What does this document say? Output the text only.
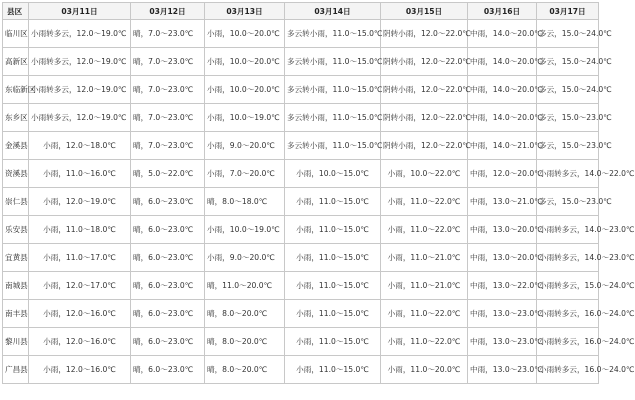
县区	03月11日	03月12日	03月13日	03月14日	03月15日	03月16日	03月17日
临川区	小雨转多云，12.0～19.0℃	晴，7.0～23.0℃	小雨，10.0～20.0℃	多云转小雨，11.0～15.0℃	阴转小雨，12.0～22.0℃	中雨，14.0～20.0℃	多云，15.0～24.0℃
高新区	小雨转多云，12.0～19.0℃	晴，7.0～23.0℃	小雨，10.0～20.0℃	多云转小雨，11.0～15.0℃	阴转小雨，12.0～22.0℃	中雨，14.0～20.0℃	多云，15.0～24.0℃
东临新区	小雨转多云，12.0～19.0℃	晴，7.0～23.0℃	小雨，10.0～20.0℃	多云转小雨，11.0～15.0℃	阴转小雨，12.0～22.0℃	中雨，14.0～20.0℃	多云，15.0～24.0℃
东乡区	小雨转多云，12.0～19.0℃	晴，7.0～23.0℃	小雨，10.0～19.0℃	多云转小雨，11.0～15.0℃	阴转小雨，12.0～22.0℃	中雨，14.0～20.0℃	多云，15.0～23.0℃
金溪县	小雨，12.0～18.0℃	晴，7.0～23.0℃	小雨，9.0～20.0℃	多云转小雨，11.0～15.0℃	阴转小雨，12.0～22.0℃	中雨，14.0～21.0℃	多云，15.0～23.0℃
资溪县	小雨，11.0～16.0℃	晴，5.0～22.0℃	小雨，7.0～20.0℃	小雨，10.0～15.0℃	小雨，10.0～22.0℃	中雨，12.0～20.0℃	小雨转多云，14.0～22.0℃
崇仁县	小雨，12.0～19.0℃	晴，6.0～23.0℃	晴，8.0～18.0℃	小雨，11.0～15.0℃	小雨，11.0～22.0℃	中雨，13.0～21.0℃	多云，15.0～23.0℃
乐安县	小雨，11.0～18.0℃	晴，6.0～23.0℃	小雨，10.0～19.0℃	小雨，11.0～15.0℃	小雨，11.0～22.0℃	中雨，13.0～20.0℃	小雨转多云，14.0～23.0℃
宜黄县	小雨，11.0～17.0℃	晴，6.0～23.0℃	小雨，9.0～20.0℃	小雨，11.0～15.0℃	小雨，11.0～21.0℃	中雨，13.0～20.0℃	小雨转多云，14.0～23.0℃
南城县	小雨，12.0～17.0℃	晴，6.0～23.0℃	晴，11.0～20.0℃	小雨，11.0～15.0℃	小雨，11.0～21.0℃	中雨，13.0～22.0℃	小雨转多云，15.0～24.0℃
南丰县	小雨，12.0～16.0℃	晴，6.0～23.0℃	晴，8.0～20.0℃	小雨，11.0～15.0℃	小雨，11.0～22.0℃	中雨，13.0～23.0℃	小雨转多云，16.0～24.0℃
黎川县	小雨，12.0～16.0℃	晴，6.0～23.0℃	晴，8.0～20.0℃	小雨，11.0～15.0℃	小雨，11.0～22.0℃	中雨，13.0～23.0℃	小雨转多云，16.0～24.0℃
广昌县	小雨，12.0～16.0℃	晴，6.0～23.0℃	晴，8.0～20.0℃	小雨，11.0～15.0℃	小雨，11.0～20.0℃	中雨，13.0～23.0℃	小雨转多云，16.0～24.0℃
